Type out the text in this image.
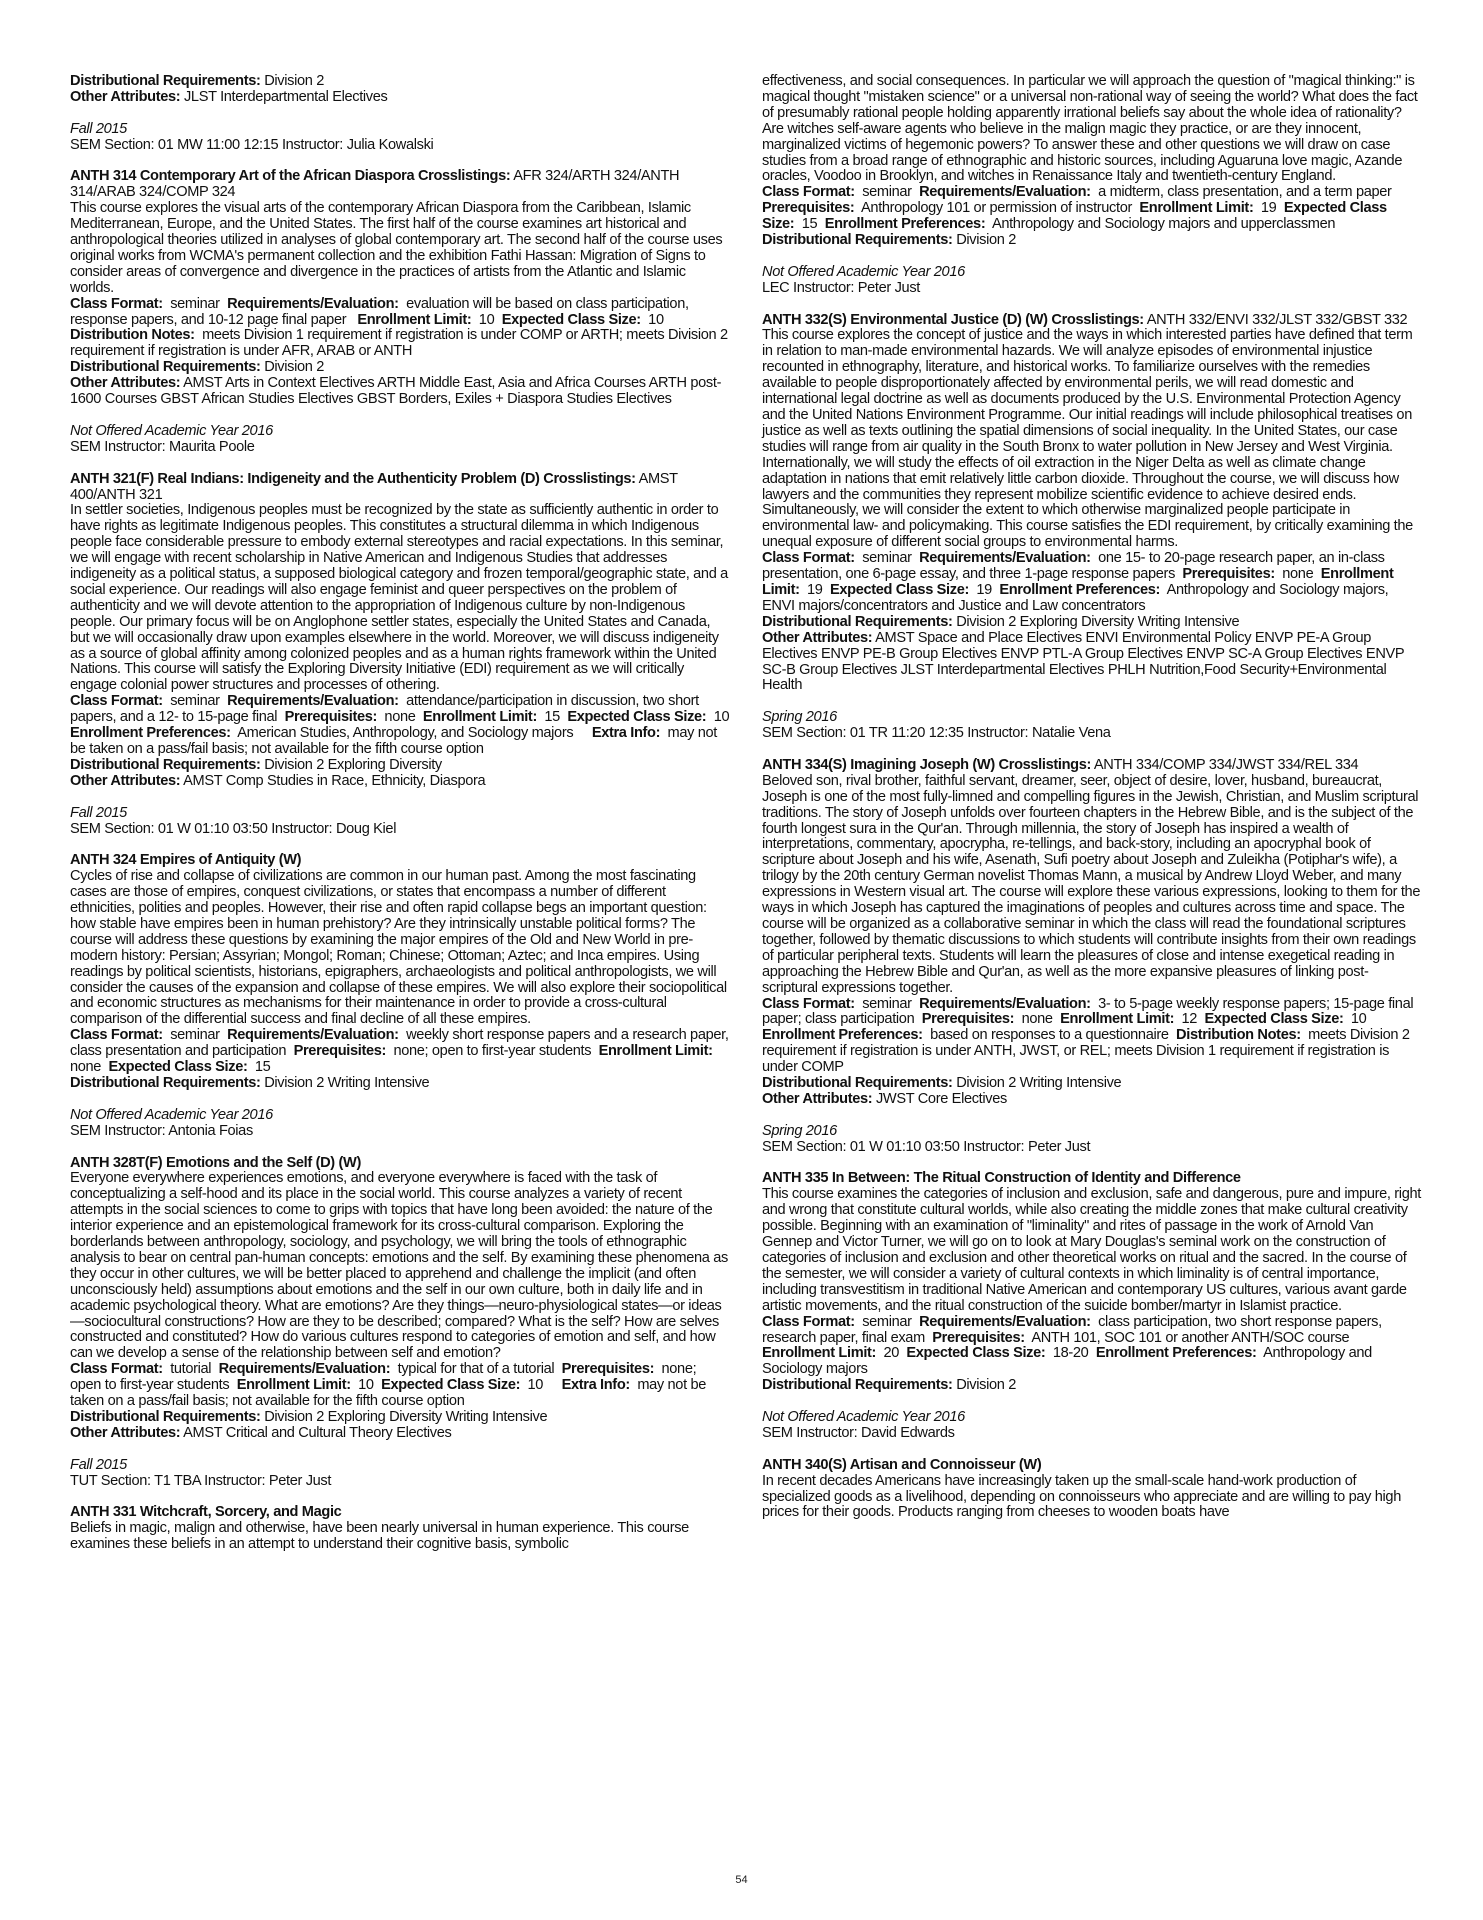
Distributional Requirements: Division 2

Other Attributes: JLST Interdepartmental Electives

Fall 2015

SEM Section: 01 MW 11:00 12:15 Instructor: Julia Kowalski

ANTH 314 Contemporary Art of the African Diaspora Crosslistings: AFR 324/ARTH 324/ANTH 314/ARAB 324/COMP 324

This course explores the visual arts of the contemporary African Diaspora from the Caribbean, Islamic Mediterranean, Europe, and the United States. The first half of the course examines art historical and anthropological theories utilized in analyses of global contemporary art. The second half of the course uses original works from WCMA's permanent collection and the exhibition Fathi Hassan: Migration of Signs to consider areas of convergence and divergence in the practices of artists from the Atlantic and Islamic worlds.

Class Format:  seminar  Requirements/Evaluation:  evaluation will be based on class participation, response papers, and 10-12 page final paper   Enrollment Limit:  10  Expected Class Size:  10     Distribution Notes:  meets Division 1 requirement if registration is under COMP or ARTH; meets Division 2 requirement if registration is under AFR, ARAB or ANTH

Distributional Requirements: Division 2

Other Attributes: AMST Arts in Context Electives ARTH Middle East, Asia and Africa Courses ARTH post-1600 Courses GBST African Studies Electives GBST Borders, Exiles + Diaspora Studies Electives

Not Offered Academic Year 2016

SEM Instructor: Maurita Poole

ANTH 321(F) Real Indians: Indigeneity and the Authenticity Problem (D) Crosslistings: AMST 400/ANTH 321

In settler societies, Indigenous peoples must be recognized by the state as sufficiently authentic in order to have rights as legitimate Indigenous peoples. This constitutes a structural dilemma in which Indigenous people face considerable pressure to embody external stereotypes and racial expectations. In this seminar, we will engage with recent scholarship in Native American and Indigenous Studies that addresses indigeneity as a political status, a supposed biological category and frozen temporal/geographic state, and a social experience. Our readings will also engage feminist and queer perspectives on the problem of authenticity and we will devote attention to the appropriation of Indigenous culture by non-Indigenous people. Our primary focus will be on Anglophone settler states, especially the United States and Canada, but we will occasionally draw upon examples elsewhere in the world. Moreover, we will discuss indigeneity as a source of global affinity among colonized peoples and as a human rights framework within the United Nations. This course will satisfy the Exploring Diversity Initiative (EDI) requirement as we will critically engage colonial power structures and processes of othering.

Class Format:  seminar  Requirements/Evaluation:  attendance/participation in discussion, two short papers, and a 12- to 15-page final  Prerequisites:  none  Enrollment Limit:  15  Expected Class Size:  10  Enrollment Preferences:  American Studies, Anthropology, and Sociology majors     Extra Info:  may not be taken on a pass/fail basis; not available for the fifth course option

Distributional Requirements: Division 2 Exploring Diversity

Other Attributes: AMST Comp Studies in Race, Ethnicity, Diaspora

Fall 2015

SEM Section: 01 W 01:10 03:50 Instructor: Doug Kiel

ANTH 324 Empires of Antiquity (W)

Cycles of rise and collapse of civilizations are common in our human past. Among the most fascinating cases are those of empires, conquest civilizations, or states that encompass a number of different ethnicities, polities and peoples. However, their rise and often rapid collapse begs an important question: how stable have empires been in human prehistory? Are they intrinsically unstable political forms? The course will address these questions by examining the major empires of the Old and New World in pre-modern history: Persian; Assyrian; Mongol; Roman; Chinese; Ottoman; Aztec; and Inca empires. Using readings by political scientists, historians, epigraphers, archaeologists and political anthropologists, we will consider the causes of the expansion and collapse of these empires. We will also explore their sociopolitical and economic structures as mechanisms for their maintenance in order to provide a cross-cultural comparison of the differential success and final decline of all these empires.

Class Format:  seminar  Requirements/Evaluation:  weekly short response papers and a research paper, class presentation and participation  Prerequisites:  none; open to first-year students  Enrollment Limit:  none  Expected Class Size:  15

Distributional Requirements: Division 2 Writing Intensive

Not Offered Academic Year 2016

SEM Instructor: Antonia Foias

ANTH 328T(F) Emotions and the Self (D) (W)

Everyone everywhere experiences emotions, and everyone everywhere is faced with the task of conceptualizing a self-hood and its place in the social world. This course analyzes a variety of recent attempts in the social sciences to come to grips with topics that have long been avoided: the nature of the interior experience and an epistemological framework for its cross-cultural comparison. Exploring the borderlands between anthropology, sociology, and psychology, we will bring the tools of ethnographic analysis to bear on central pan-human concepts: emotions and the self. By examining these phenomena as they occur in other cultures, we will be better placed to apprehend and challenge the implicit (and often unconsciously held) assumptions about emotions and the self in our own culture, both in daily life and in academic psychological theory. What are emotions? Are they things—neuro-physiological states—or ideas—sociocultural constructions? How are they to be described; compared? What is the self? How are selves constructed and constituted? How do various cultures respond to categories of emotion and self, and how can we develop a sense of the relationship between self and emotion?

Class Format:  tutorial  Requirements/Evaluation:  typical for that of a tutorial  Prerequisites:  none; open to first-year students  Enrollment Limit:  10  Expected Class Size:  10     Extra Info:  may not be taken on a pass/fail basis; not available for the fifth course option

Distributional Requirements: Division 2 Exploring Diversity Writing Intensive

Other Attributes: AMST Critical and Cultural Theory Electives

Fall 2015

TUT Section: T1 TBA Instructor: Peter Just

ANTH 331 Witchcraft, Sorcery, and Magic

Beliefs in magic, malign and otherwise, have been nearly universal in human experience. This course examines these beliefs in an attempt to understand their cognitive basis, symbolic

effectiveness, and social consequences. In particular we will approach the question of "magical thinking:" is magical thought "mistaken science" or a universal non-rational way of seeing the world? What does the fact of presumably rational people holding apparently irrational beliefs say about the whole idea of rationality? Are witches self-aware agents who believe in the malign magic they practice, or are they innocent, marginalized victims of hegemonic powers? To answer these and other questions we will draw on case studies from a broad range of ethnographic and historic sources, including Aguaruna love magic, Azande oracles, Voodoo in Brooklyn, and witches in Renaissance Italy and twentieth-century England.

Class Format:  seminar  Requirements/Evaluation:  a midterm, class presentation, and a term paper  Prerequisites:  Anthropology 101 or permission of instructor  Enrollment Limit:  19  Expected Class Size:  15  Enrollment Preferences:  Anthropology and Sociology majors and upperclassmen

Distributional Requirements: Division 2

Not Offered Academic Year 2016

LEC Instructor: Peter Just

ANTH 332(S) Environmental Justice (D) (W) Crosslistings: ANTH 332/ENVI 332/JLST 332/GBST 332

This course explores the concept of justice and the ways in which interested parties have defined that term in relation to man-made environmental hazards. We will analyze episodes of environmental injustice recounted in ethnography, literature, and historical works. To familiarize ourselves with the remedies available to people disproportionately affected by environmental perils, we will read domestic and international legal doctrine as well as documents produced by the U.S. Environmental Protection Agency and the United Nations Environment Programme. Our initial readings will include philosophical treatises on justice as well as texts outlining the spatial dimensions of social inequality. In the United States, our case studies will range from air quality in the South Bronx to water pollution in New Jersey and West Virginia. Internationally, we will study the effects of oil extraction in the Niger Delta as well as climate change adaptation in nations that emit relatively little carbon dioxide. Throughout the course, we will discuss how lawyers and the communities they represent mobilize scientific evidence to achieve desired ends. Simultaneously, we will consider the extent to which otherwise marginalized people participate in environmental law- and policymaking. This course satisfies the EDI requirement, by critically examining the unequal exposure of different social groups to environmental harms.

Class Format:  seminar  Requirements/Evaluation:  one 15- to 20-page research paper, an in-class presentation, one 6-page essay, and three 1-page response papers  Prerequisites:  none  Enrollment Limit:  19  Expected Class Size:  19  Enrollment Preferences:  Anthropology and Sociology majors, ENVI majors/concentrators and Justice and Law concentrators

Distributional Requirements: Division 2 Exploring Diversity Writing Intensive

Other Attributes: AMST Space and Place Electives ENVI Environmental Policy ENVP PE-A Group Electives ENVP PE-B Group Electives ENVP PTL-A Group Electives ENVP SC-A Group Electives ENVP SC-B Group Electives JLST Interdepartmental Electives PHLH Nutrition,Food Security+Environmental Health

Spring 2016

SEM Section: 01 TR 11:20 12:35 Instructor: Natalie Vena

ANTH 334(S) Imagining Joseph (W) Crosslistings: ANTH 334/COMP 334/JWST 334/REL 334

Beloved son, rival brother, faithful servant, dreamer, seer, object of desire, lover, husband, bureaucrat, Joseph is one of the most fully-limned and compelling figures in the Jewish, Christian, and Muslim scriptural traditions. The story of Joseph unfolds over fourteen chapters in the Hebrew Bible, and is the subject of the fourth longest sura in the Qur'an. Through millennia, the story of Joseph has inspired a wealth of interpretations, commentary, apocrypha, re-tellings, and back-story, including an apocryphal book of scripture about Joseph and his wife, Asenath, Sufi poetry about Joseph and Zuleikha (Potiphar's wife), a trilogy by the 20th century German novelist Thomas Mann, a musical by Andrew Lloyd Weber, and many expressions in Western visual art. The course will explore these various expressions, looking to them for the ways in which Joseph has captured the imaginations of peoples and cultures across time and space. The course will be organized as a collaborative seminar in which the class will read the foundational scriptures together, followed by thematic discussions to which students will contribute insights from their own readings of particular peripheral texts. Students will learn the pleasures of close and intense exegetical reading in approaching the Hebrew Bible and Qur'an, as well as the more expansive pleasures of linking post-scriptural expressions together.

Class Format:  seminar  Requirements/Evaluation:  3- to 5-page weekly response papers; 15-page final paper; class participation  Prerequisites:  none  Enrollment Limit:  12  Expected Class Size:  10  Enrollment Preferences:  based on responses to a questionnaire  Distribution Notes:  meets Division 2 requirement if registration is under ANTH, JWST, or REL; meets Division 1 requirement if registration is under COMP

Distributional Requirements: Division 2 Writing Intensive

Other Attributes: JWST Core Electives

Spring 2016

SEM Section: 01 W 01:10 03:50 Instructor: Peter Just

ANTH 335 In Between: The Ritual Construction of Identity and Difference

This course examines the categories of inclusion and exclusion, safe and dangerous, pure and impure, right and wrong that constitute cultural worlds, while also creating the middle zones that make cultural creativity possible. Beginning with an examination of "liminality" and rites of passage in the work of Arnold Van Gennep and Victor Turner, we will go on to look at Mary Douglas's seminal work on the construction of categories of inclusion and exclusion and other theoretical works on ritual and the sacred. In the course of the semester, we will consider a variety of cultural contexts in which liminality is of central importance, including transvestitism in traditional Native American and contemporary US cultures, various avant garde artistic movements, and the ritual construction of the suicide bomber/martyr in Islamist practice.

Class Format:  seminar  Requirements/Evaluation:  class participation, two short response papers, research paper, final exam  Prerequisites:  ANTH 101, SOC 101 or another ANTH/SOC course  Enrollment Limit:  20  Expected Class Size:  18-20  Enrollment Preferences:  Anthropology and Sociology majors

Distributional Requirements: Division 2

Not Offered Academic Year 2016

SEM Instructor: David Edwards

ANTH 340(S) Artisan and Connoisseur (W)

In recent decades Americans have increasingly taken up the small-scale hand-work production of specialized goods as a livelihood, depending on connoisseurs who appreciate and are willing to pay high prices for their goods. Products ranging from cheeses to wooden boats have

54
